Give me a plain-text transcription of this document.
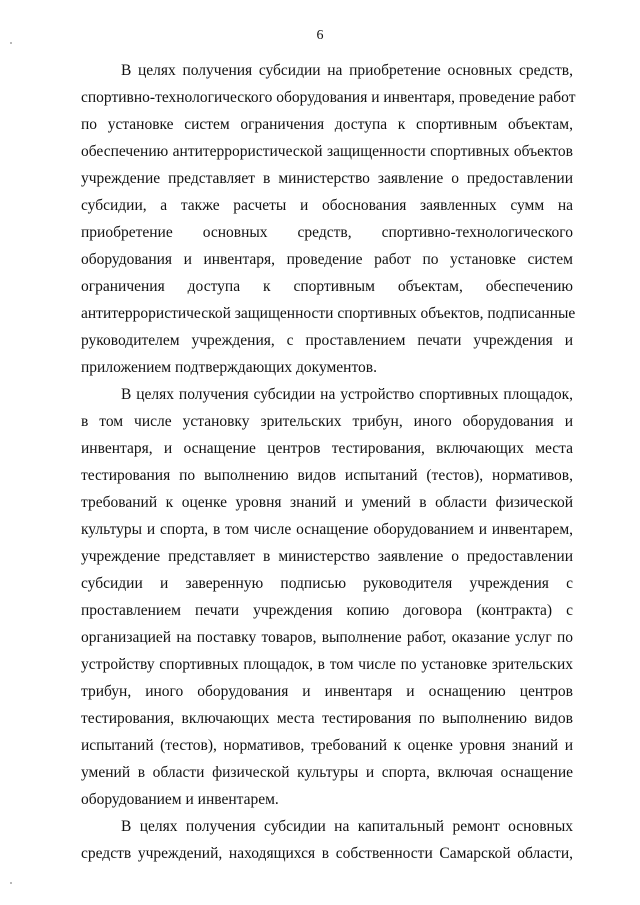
6
В целях получения субсидии на приобретение основных средств,
спортивно-технологического оборудования и инвентаря, проведение работ
по установке систем ограничения доступа к спортивным объектам,
обеспечению антитеррористической защищенности спортивных объектов
учреждение представляет в министерство заявление о предоставлении
субсидии, а также расчеты и обоснования заявленных сумм на
приобретение основных средств, спортивно-технологического
оборудования и инвентаря, проведение работ по установке систем
ограничения доступа к спортивным объектам, обеспечению
антитеррористической защищенности спортивных объектов, подписанные
руководителем учреждения, с проставлением печати учреждения и
приложением подтверждающих документов.
В целях получения субсидии на устройство спортивных площадок,
в том числе установку зрительских трибун, иного оборудования и
инвентаря, и оснащение центров тестирования, включающих места
тестирования по выполнению видов испытаний (тестов), нормативов,
требований к оценке уровня знаний и умений в области физической
культуры и спорта, в том числе оснащение оборудованием и инвентарем,
учреждение представляет в министерство заявление о предоставлении
субсидии и заверенную подписью руководителя учреждения с
проставлением печати учреждения копию договора (контракта) с
организацией на поставку товаров, выполнение работ, оказание услуг по
устройству спортивных площадок, в том числе по установке зрительских
трибун, иного оборудования и инвентаря и оснащению центров
тестирования, включающих места тестирования по выполнению видов
испытаний (тестов), нормативов, требований к оценке уровня знаний и
умений в области физической культуры и спорта, включая оснащение
оборудованием и инвентарем.
В целях получения субсидии на капитальный ремонт основных
средств учреждений, находящихся в собственности Самарской области,
